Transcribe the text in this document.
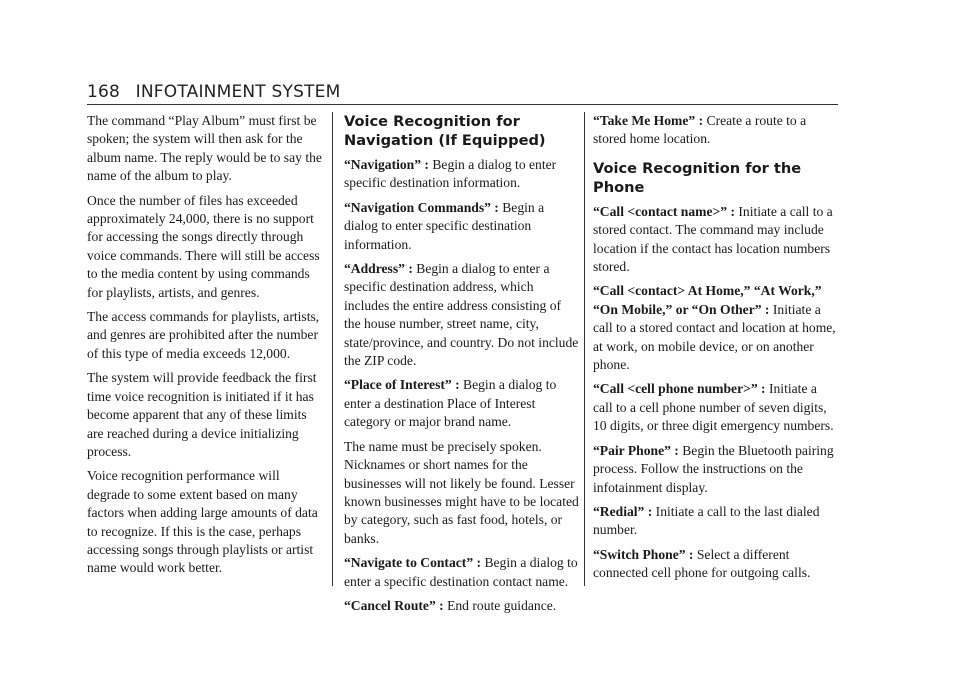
168 INFOTAINMENT SYSTEM

The command “Play Album” must first be spoken; the system will then ask for the album name. The reply would be to say the name of the album to play.

Once the number of files has exceeded approximately 24,000, there is no support for accessing the songs directly through voice commands. There will still be access to the media content by using commands for playlists, artists, and genres.

The access commands for playlists, artists, and genres are prohibited after the number of this type of media exceeds 12,000.

The system will provide feedback the first time voice recognition is initiated if it has become apparent that any of these limits are reached during a device initializing process.

Voice recognition performance will degrade to some extent based on many factors when adding large amounts of data to recognize. If this is the case, perhaps accessing songs through playlists or artist name would work better.

Voice Recognition for Navigation (If Equipped)

“Navigation” : Begin a dialog to enter specific destination information.

“Navigation Commands” : Begin a dialog to enter specific destination information.

“Address” : Begin a dialog to enter a specific destination address, which includes the entire address consisting of the house number, street name, city, state/province, and country. Do not include the ZIP code.

“Place of Interest” : Begin a dialog to enter a destination Place of Interest category or major brand name.

The name must be precisely spoken. Nicknames or short names for the businesses will not likely be found. Lesser known businesses might have to be located by category, such as fast food, hotels, or banks.

“Navigate to Contact” : Begin a dialog to enter a specific destination contact name.

“Cancel Route” : End route guidance.

“Take Me Home” : Create a route to a stored home location.

Voice Recognition for the Phone

“Call <contact name>” : Initiate a call to a stored contact. The command may include location if the contact has location numbers stored.

“Call <contact> At Home,” “At Work,” “On Mobile,” or “On Other” : Initiate a call to a stored contact and location at home, at work, on mobile device, or on another phone.

“Call <cell phone number>” : Initiate a call to a cell phone number of seven digits, 10 digits, or three digit emergency numbers.

“Pair Phone” : Begin the Bluetooth pairing process. Follow the instructions on the infotainment display.

“Redial” : Initiate a call to the last dialed number.

“Switch Phone” : Select a different connected cell phone for outgoing calls.
